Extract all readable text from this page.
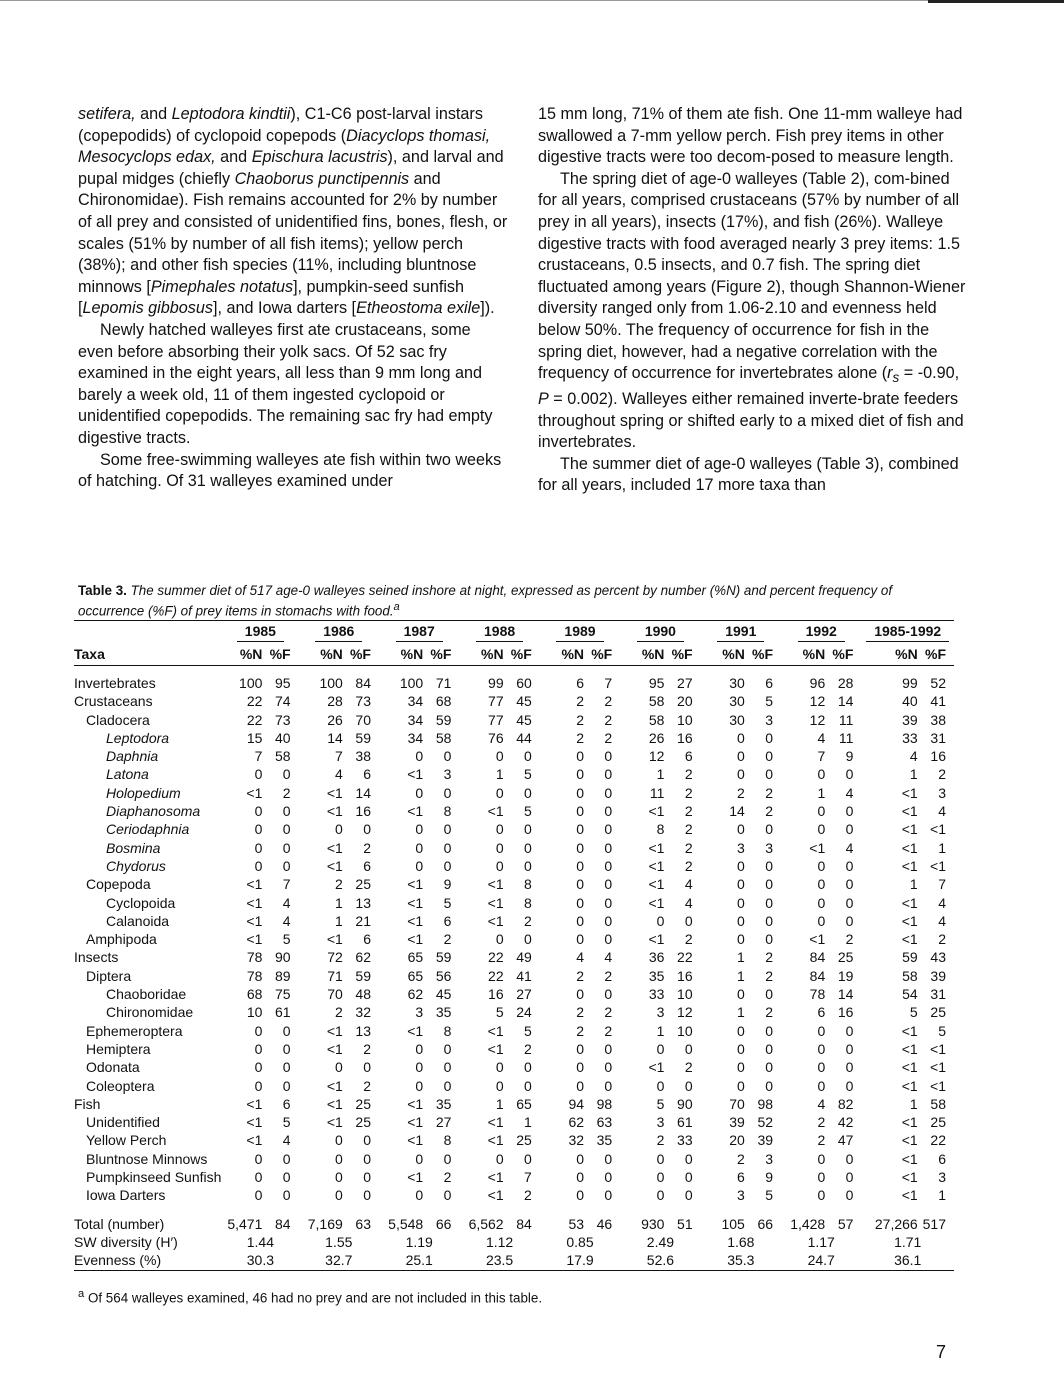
setifera, and Leptodora kindtii), C1-C6 post-larval instars (copepodids) of cyclopoid copepods (Diacyclops thomasi, Mesocyclops edax, and Epischura lacustris), and larval and pupal midges (chiefly Chaoborus punctipennis and Chironomidae). Fish remains accounted for 2% by number of all prey and consisted of unidentified fins, bones, flesh, or scales (51% by number of all fish items); yellow perch (38%); and other fish species (11%, including bluntnose minnows [Pimephales notatus], pumpkin-seed sunfish [Lepomis gibbosus], and Iowa darters [Etheostoma exile]).

Newly hatched walleyes first ate crustaceans, some even before absorbing their yolk sacs. Of 52 sac fry examined in the eight years, all less than 9 mm long and barely a week old, 11 of them ingested cyclopoid or unidentified copepodids. The remaining sac fry had empty digestive tracts.

Some free-swimming walleyes ate fish within two weeks of hatching. Of 31 walleyes examined under

15 mm long, 71% of them ate fish. One 11-mm walleye had swallowed a 7-mm yellow perch. Fish prey items in other digestive tracts were too decom-posed to measure length.

The spring diet of age-0 walleyes (Table 2), com-bined for all years, comprised crustaceans (57% by number of all prey in all years), insects (17%), and fish (26%). Walleye digestive tracts with food averaged nearly 3 prey items: 1.5 crustaceans, 0.5 insects, and 0.7 fish. The spring diet fluctuated among years (Figure 2), though Shannon-Wiener diversity ranged only from 1.06-2.10 and evenness held below 50%. The frequency of occurrence for fish in the spring diet, however, had a negative correlation with the frequency of occurrence for invertebrates alone ($r_s = -0.90$, P = 0.002). Walleyes either remained inverte-brate feeders throughout spring or shifted early to a mixed diet of fish and invertebrates.

The summer diet of age-0 walleyes (Table 3), combined for all years, included 17 more taxa than

Table 3. The summer diet of 517 age-0 walleyes seined inshore at night, expressed as percent by number (%N) and percent frequency of occurrence (%F) of prey items in stomachs with food.$^a$
	1985		1986		1987		1988		1989		1990		1991		1992		1985-1992	
Taxa	%N	%F	%N	%F	%N	%F	%N	%F	%N	%F	%N	%F	%N	%F	%N	%F	%N	%F
Invertebrates	100	95	100	84	100	71	99	60	6	7	95	27	30	6	96	28	99	52
Crustaceans	22	74	28	73	34	68	77	45	2	2	58	20	30	5	12	14	40	41
Cladocera	22	73	26	70	34	59	77	45	2	2	58	10	30	3	12	11	39	38
Leptodora	15	40	14	59	34	58	76	44	2	2	26	16	0	0	4	11	33	31
Daphnia	7	58	7	38	0	0	0	0	0	0	12	6	0	0	7	9	4	16
Latona	0	0	4	6	<1	3	1	5	0	0	1	2	0	0	0	0	1	2
Holopedium	<1	2	<1	14	0	0	0	0	0	0	11	2	2	2	1	4	<1	3
Diaphanosoma	0	0	<1	16	<1	8	<1	5	0	0	<1	2	14	2	0	0	<1	4
Ceriodaphnia	0	0	0	0	0	0	0	0	0	0	8	2	0	0	0	0	<1	<1
Bosmina	0	0	<1	2	0	0	0	0	0	0	<1	2	3	3	<1	4	<1	1
Chydorus	0	0	<1	6	0	0	0	0	0	0	<1	2	0	0	0	0	<1	<1
Copepoda	<1	7	2	25	<1	9	<1	8	0	0	<1	4	0	0	0	0	1	7
Cyclopoida	<1	4	1	13	<1	5	<1	8	0	0	<1	4	0	0	0	0	<1	4
Calanoida	<1	4	1	21	<1	6	<1	2	0	0	0	0	0	0	0	0	<1	4
Amphipoda	<1	5	<1	6	<1	2	0	0	0	0	<1	2	0	0	<1	2	<1	2
Insects	78	90	72	62	65	59	22	49	4	4	36	22	1	2	84	25	59	43
Diptera	78	89	71	59	65	56	22	41	2	2	35	16	1	2	84	19	58	39
Chaoboridae	68	75	70	48	62	45	16	27	0	0	33	10	0	0	78	14	54	31
Chironomidae	10	61	2	32	3	35	5	24	2	2	3	12	1	2	6	16	5	25
Ephemeroptera	0	0	<1	13	<1	8	<1	5	2	2	1	10	0	0	0	0	<1	5
Hemiptera	0	0	<1	2	0	0	<1	2	0	0	0	0	0	0	0	0	<1	<1
Odonata	0	0	0	0	0	0	0	0	0	0	<1	2	0	0	0	0	<1	<1
Coleoptera	0	0	<1	2	0	0	0	0	0	0	0	0	0	0	0	0	<1	<1
Fish	<1	6	<1	25	<1	35	1	65	94	98	5	90	70	98	4	82	1	58
Unidentified	<1	5	<1	25	<1	27	<1	1	62	63	3	61	39	52	2	42	<1	25
Yellow Perch	<1	4	0	0	<1	8	<1	25	32	35	2	33	20	39	2	47	<1	22
Bluntnose Minnows	0	0	0	0	0	0	0	0	0	0	0	0	2	3	0	0	<1	6
Pumpkinseed Sunfish	0	0	0	0	<1	2	<1	7	0	0	0	0	6	9	0	0	<1	3
Iowa Darters	0	0	0	0	0	0	<1	2	0	0	0	0	3	5	0	0	<1	1
Total (number)	5,471	84	7,169	63	5,548	66	6,562	84	53	46	930	51	105	66	1,428	57	27,266	517
SW diversity (H′)	1.44		1.55		1.19		1.12		0.85		2.49		1.68		1.17		1.71	
Evenness (%)	30.3		32.7		25.1		23.5		17.9		52.6		35.3		24.7		36.1	
$^a$ Of 564 walleyes examined, 46 had no prey and are not included in this table.
7
